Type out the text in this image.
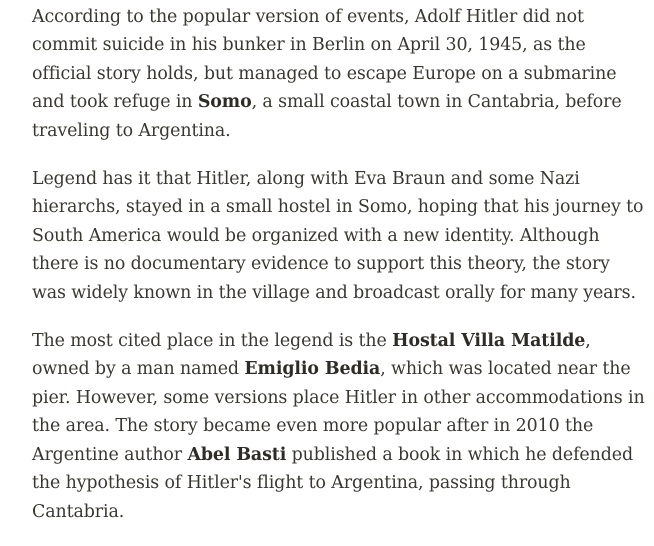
According to the popular version of events, Adolf Hitler did not commit suicide in his bunker in Berlin on April 30, 1945, as the official story holds, but managed to escape Europe on a submarine and took refuge in Somo, a small coastal town in Cantabria, before traveling to Argentina.

Legend has it that Hitler, along with Eva Braun and some Nazi hierarchs, stayed in a small hostel in Somo, hoping that his journey to South America would be organized with a new identity. Although there is no documentary evidence to support this theory, the story was widely known in the village and broadcast orally for many years.

The most cited place in the legend is the Hostal Villa Matilde, owned by a man named Emiglio Bedia, which was located near the pier. However, some versions place Hitler in other accommodations in the area. The story became even more popular after in 2010 the Argentine author Abel Basti published a book in which he defended the hypothesis of Hitler's flight to Argentina, passing through Cantabria.
